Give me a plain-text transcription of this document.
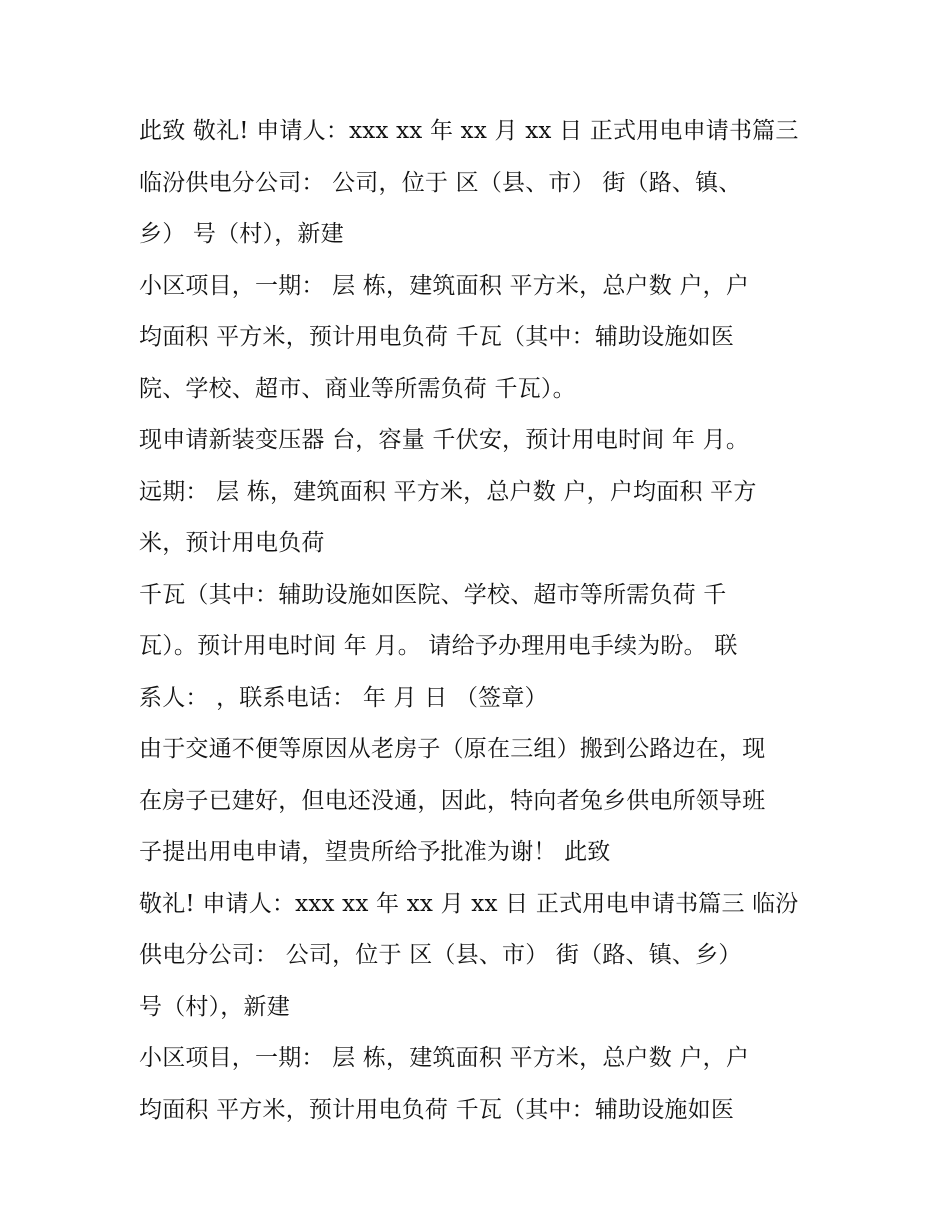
此致 敬礼! 申请人：xxx xx 年 xx 月 xx 日 正式用电申请书篇三
临汾供电分公司： 公司，位于 区（县、市） 街（路、镇、
乡） 号（村），新建
小区项目，一期： 层 栋，建筑面积 平方米，总户数 户，户
均面积 平方米，预计用电负荷 千瓦（其中：辅助设施如医
院、学校、超市、商业等所需负荷 千瓦）。
现申请新装变压器 台，容量 千伏安，预计用电时间 年 月。
远期： 层 栋，建筑面积 平方米，总户数 户，户均面积 平方
米，预计用电负荷
千瓦（其中：辅助设施如医院、学校、超市等所需负荷 千
瓦）。预计用电时间 年 月。 请给予办理用电手续为盼。 联
系人： ，联系电话： 年 月 日 （签章）
由于交通不便等原因从老房子（原在三组）搬到公路边在，现
在房子已建好，但电还没通，因此，特向者兔乡供电所领导班
子提出用电申请，望贵所给予批准为谢！ 此致
敬礼! 申请人：xxx xx 年 xx 月 xx 日 正式用电申请书篇三 临汾
供电分公司： 公司，位于 区（县、市） 街（路、镇、乡）
号（村），新建
小区项目，一期： 层 栋，建筑面积 平方米，总户数 户，户
均面积 平方米，预计用电负荷 千瓦（其中：辅助设施如医
